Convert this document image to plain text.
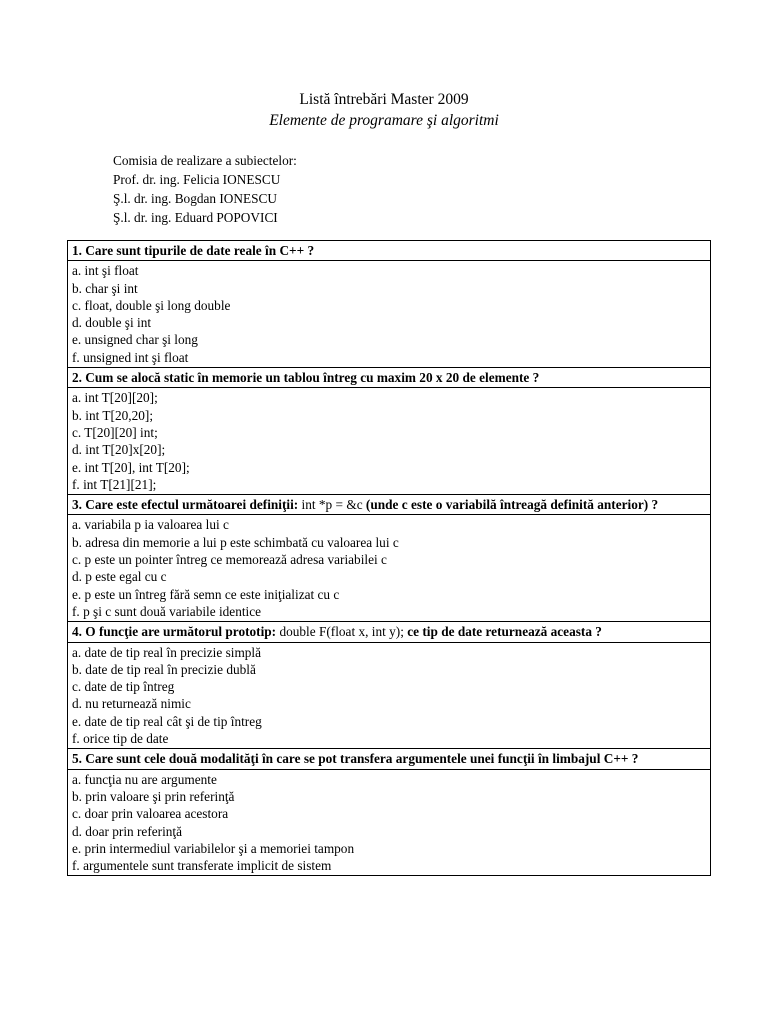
Listă întrebări Master 2009
Elemente de programare şi algoritmi
Comisia de realizare a subiectelor:
Prof. dr. ing. Felicia IONESCU
Ş.l. dr. ing. Bogdan IONESCU
Ş.l. dr. ing. Eduard POPOVICI
1. Care sunt tipurile de date reale în C++ ?

a. int şi float
b. char şi int
c. float, double şi long double
d. double şi int
e. unsigned char şi long
f. unsigned int şi float

2. Cum se alocă static în memorie un tablou întreg cu maxim 20 x 20 de elemente ?

a. int T[20][20];
b. int T[20,20];
c. T[20][20] int;
d. int T[20]x[20];
e. int T[20], int T[20];
f. int T[21][21];

3. Care este efectul următoarei definiţii: int *p = &c (unde c este o variabilă întreagă definită anterior) ?

a. variabila p ia valoarea lui c
b. adresa din memorie a lui p este schimbată cu valoarea lui c
c. p este un pointer întreg ce memorează adresa variabilei c
d. p este egal cu c
e. p este un întreg fără semn ce este iniţializat cu c
f. p şi c sunt două variabile identice

4. O funcţie are următorul prototip: double F(float x, int y); ce tip de date returnează aceasta ?

a. date de tip real în precizie simplă
b. date de tip real în precizie dublă
c. date de tip întreg
d. nu returnează nimic
e. date de tip real cât şi de tip întreg
f. orice tip de date

5. Care sunt cele două modalităţi în care se pot transfera argumentele unei funcţii în limbajul C++ ?

a. funcţia nu are argumente
b. prin valoare şi prin referinţă
c. doar prin valoarea acestora
d. doar prin referinţă
e. prin intermediul variabilelor şi a memoriei tampon
f. argumentele sunt transferate implicit de sistem
